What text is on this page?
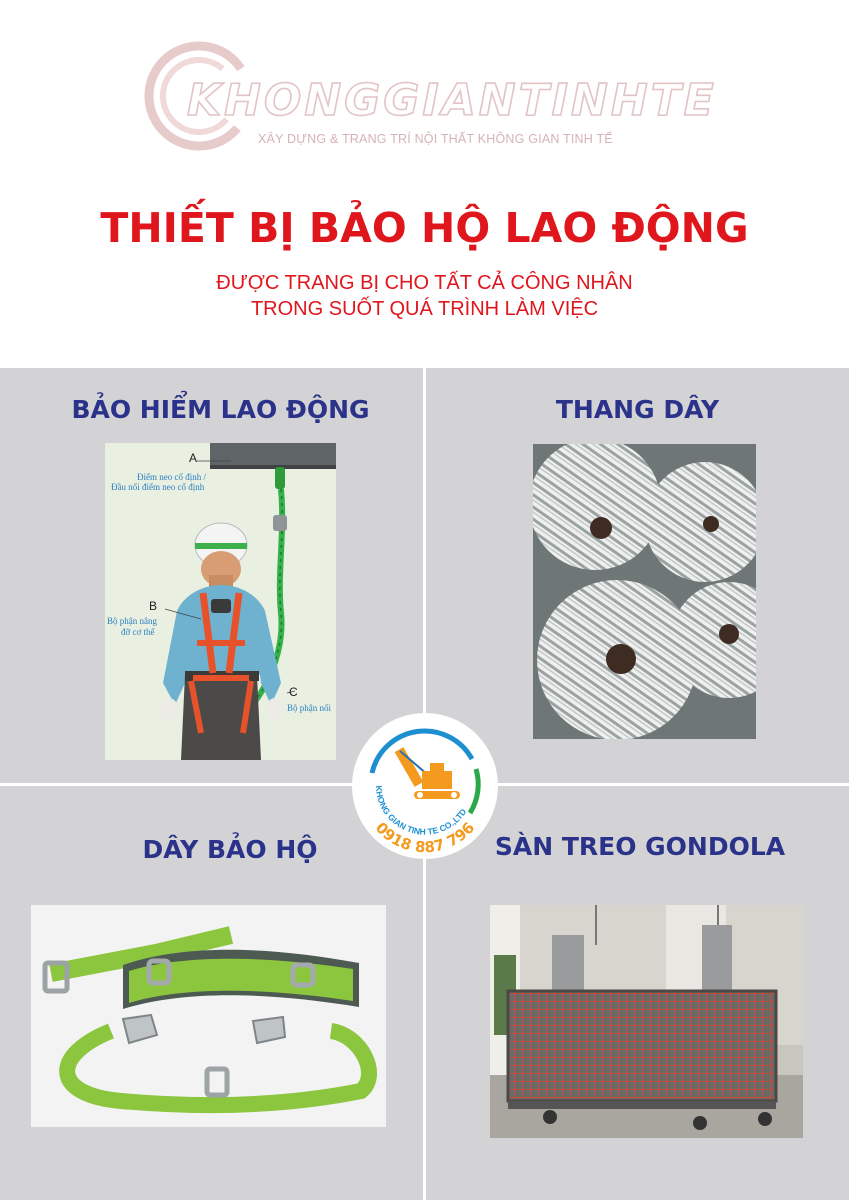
KHONGGIANTINHTE
XÂY DỰNG & TRANG TRÍ NỘI THẤT KHÔNG GIAN TINH TẾ
THIẾT BỊ BẢO HỘ LAO ĐỘNG
ĐƯỢC TRANG BỊ CHO TẤT CẢ CÔNG NHÂN
TRONG SUỐT QUÁ TRÌNH LÀM VIỆC
BẢO HIỂM LAO ĐỘNG	THANG DÂY
DÂY BẢO HỘ	SÀN TREO GONDOLA
A
Điểm neo cố định /
Đầu nối điểm neo cố định
B
Bộ phận nâng
đỡ cơ thể
C
Bộ phận nối
KHONG GIAN TINH TE CO.,LTD
0918 887 796
